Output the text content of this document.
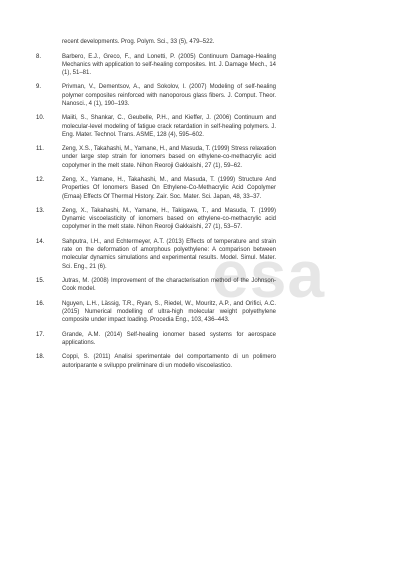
esa
recent developments. Prog. Polym. Sci., 33 (5), 479–522.
8.	Barbero, E.J., Greco, F., and Lonetti, P. (2005) Continuum Damage-Healing Mechanics with application to self-healing composites. Int. J. Damage Mech., 14 (1), 51–81.
9.	Privman, V., Dementsov, A., and Sokolov, I. (2007) Modeling of self-healing polymer composites reinforced with nanoporous glass fibers. J. Comput. Theor. Nanosci., 4 (1), 190–193.
10.	Maiiti, S., Shankar, C., Geubelle, P.H., and Kieffer, J. (2006) Continuum and molecular-level modeling of fatigue crack retardation in self-healing polymers. J. Eng. Mater. Technol. Trans. ASME, 128 (4), 595–602.
11.	Zeng, X.S., Takahashi, M., Yamane, H., and Masuda, T. (1999) Stress relaxation under large step strain for ionomers based on ethylene-co-methacrylic acid copolymer in the melt state. Nihon Reoroji Gakkaishi, 27 (1), 59–62.
12.	Zeng, X., Yamane, H., Takahashi, M., and Masuda, T. (1999) Structure And Properties Of Ionomers Based On Ethylene-Co-Methacrylic Acid Copolymer (Emaa) Effects Of Thermal History. Zair. Soc. Mater. Sci. Japan, 48, 33–37.
13.	Zeng, X., Takahashi, M., Yamane, H., Takigawa, T., and Masuda, T. (1999) Dynamic viscoelasticity of ionomers based on ethylene-co-methacrylic acid copolymer in the melt state. Nihon Reoroji Gakkaishi, 27 (1), 53–57.
14.	Sahputra, I.H., and Echtermeyer, A.T. (2013) Effects of temperature and strain rate on the deformation of amorphous polyethylene: A comparison between molecular dynamics simulations and experimental results. Model. Simul. Mater. Sci. Eng., 21 (6).
15.	Jutras, M. (2008) Improvement of the characterisation method of the Johnson-Cook model.
16.	Nguyen, L.H., Lässig, T.R., Ryan, S., Riedel, W., Mouritz, A.P., and Orifici, A.C. (2015) Numerical modelling of ultra-high molecular weight polyethylene composite under impact loading. Procedia Eng., 103, 436–443.
17.	Grande, A.M. (2014) Self-healing ionomer based systems for aerospace applications.
18.	Coppi, S. (2011) Analisi sperimentale del comportamento di un polimero autoriparante e sviluppo preliminare di un modello viscoelastico.
